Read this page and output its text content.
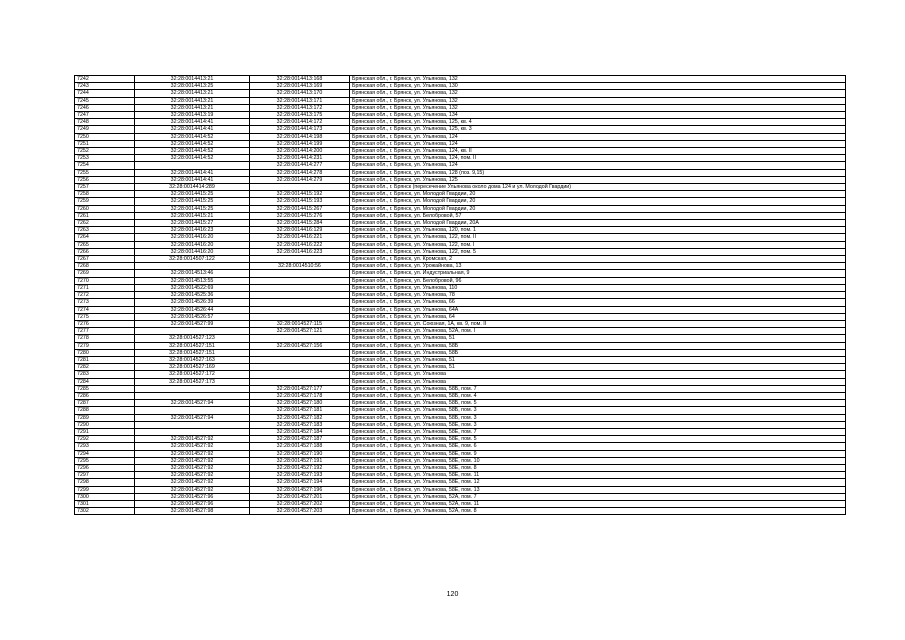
7242	32:28:0014413:21	32:28:0014413:168	Брянская обл., г. Брянск, ул. Ульянова, 132
7243	32:28:0014413:25	32:28:0014413:169	Брянская обл., г. Брянск, ул. Ульянова, 130
7244	32:28:0014413:21	32:28:0014413:170	Брянская обл., г. Брянск, ул. Ульянова, 132
7245	32:28:0014413:21	32:28:0014413:171	Брянская обл., г. Брянск, ул. Ульянова, 132
7246	32:28:0014413:21	32:28:0014413:172	Брянская обл., г. Брянск, ул. Ульянова, 132
7247	32:28:0014413:19	32:28:0014413:175	Брянская обл., г. Брянск, ул. Ульянова, 134
7248	32:28:0014414:41	32:28:0014414:172	Брянская обл., г. Брянск, ул. Ульянова, 125, кв. 4
7249	32:28:0014414:41	32:28:0014414:173	Брянская обл., г. Брянск, ул. Ульянова, 125, кв. 3
7250	32:28:0014414:52	32:28:0014414:198	Брянская обл., г. Брянск, ул. Ульянова, 124
7251	32:28:0014414:52	32:28:0014414:199	Брянская обл., г. Брянск, ул. Ульянова, 124
7252	32:28:0014414:52	32:28:0014414:200	Брянская обл., г. Брянск, ул. Ульянова, 124, кв. II
7253	32:28:0014414:52	32:28:0014414:231	Брянская обл., г. Брянск, ул. Ульянова, 124, пом. II
7254		32:28:0014414:277	Брянская обл., г. Брянск, ул. Ульянова, 124
7255	32:28:0014414:41	32:28:0014414:278	Брянская обл., г. Брянск, ул. Ульянова, 128 (поз. 9,15)
7256	32:28:0014414:41	32:28:0014414:279	Брянская обл., г. Брянск, ул. Ульянова, 125
7257	32:28:0014414:289		Брянская обл., г. Брянск (пересечение Ульянова около дома 124 и ул. Молодой Гвардии)
7258	32:28:0014415:25	32:28:0014415:192	Брянская обл., г. Брянск, ул. Молодой Гвардии, 20
7259	32:28:0014415:25	32:28:0014415:193	Брянская обл., г. Брянск, ул. Молодой Гвардии, 20
7260	32:28:0014415:25	32:28:0014415:267	Брянская обл., г. Брянск, ул. Молодой Гвардии, 20
7261	32:28:0014415:21	32:28:0014415:276	Брянская обл., г. Брянск, ул. Белобровой, 57
7262	32:28:0014415:27	32:28:0014415:284	Брянская обл., г. Брянск, ул. Молодой Гвардии, 20А
7263	32:28:0014416:23	32:28:0014416:129	Брянская обл., г. Брянск, ул. Ульянова, 120, пом. 1
7264	32:28:0014416:20	32:28:0014416:221	Брянская обл., г. Брянск, ул. Ульянова, 122, пом. II
7265	32:28:0014416:20	32:28:0014416:222	Брянская обл., г. Брянск, ул. Ульянова, 122, пом. I
7266	32:28:0014416:20	32:28:0014416:223	Брянская обл., г. Брянск, ул. Ульянова, 122, пом. 5
7267	32:28:0014507:122		Брянская обл., г. Брянск, ул. Кромская, 2
7268		32:28:0014510:56	Брянская обл., г. Брянск, ул. Урожайнова, 13
7269	32:28:0014513:46		Брянская обл., г. Брянск, ул. Индустриальная, 9
7270	32:28:0014513:55		Брянская обл., г. Брянск, ул. Белобровой, 96
7271	32:28:0014522:69		Брянская обл., г. Брянск, ул. Ульянова, 110
7272	32:28:0014525:36		Брянская обл., г. Брянск, ул. Ульянова, 78
7273	32:28:0014526:39		Брянская обл., г. Брянск, ул. Ульянова, 66
7274	32:28:0014526:44		Брянская обл., г. Брянск, ул. Ульянова, 64А
7275	32:28:0014526:57		Брянская обл., г. Брянск, ул. Ульянова, 64
7276	32:28:0014527:99	32:28:0014527:115	Брянская обл., г. Брянск, ул. Союзная, 1А, кв. 9, пом. II
7277		32:28:0014527:121	Брянская обл., г. Брянск, ул. Ульянова, 52А, пом. I
7278	32:28:0014527:123		Брянская обл., г. Брянск, ул. Ульянова, 51
7279	32:28:0014527:151	32:28:0014527:156	Брянская обл., г. Брянск, ул. Ульянова, 58Б
7280	32:28:0014527:151		Брянская обл., г. Брянск, ул. Ульянова, 58Б
7281	32:28:0014527:163		Брянская обл., г. Брянск, ул. Ульянова, 51
7282	32:28:0014527:169		Брянская обл., г. Брянск, ул. Ульянова, 51
7283	32:28:0014527:172		Брянская обл., г. Брянск, ул. Ульянова
7284	32:28:0014527:173		Брянская обл., г. Брянск, ул. Ульянова
7285		32:28:0014527:177	Брянская обл., г. Брянск, ул. Ульянова, 58Б, пом. 7
7286		32:28:0014527:178	Брянская обл., г. Брянск, ул. Ульянова, 58Б, пом. 4
7287	32:28:0014527:94	32:28:0014527:180	Брянская обл., г. Брянск, ул. Ульянова, 58Б, пом. 5
7288		32:28:0014527:181	Брянская обл., г. Брянск, ул. Ульянова, 58Б, пом. 3
7289	32:28:0014527:94	32:28:0014527:182	Брянская обл., г. Брянск, ул. Ульянова, 58Б, пом. 3
7290		32:28:0014527:183	Брянская обл., г. Брянск, ул. Ульянова, 58Е, пом. 3
7291		32:28:0014527:184	Брянская обл., г. Брянск, ул. Ульянова, 58Е, пом. 7
7292	32:28:0014527:92	32:28:0014527:187	Брянская обл., г. Брянск, ул. Ульянова, 58Е, пом. 5
7293	32:28:0014527:92	32:28:0014527:188	Брянская обл., г. Брянск, ул. Ульянова, 58Е, пом. 6
7294	32:28:0014527:92	32:28:0014527:190	Брянская обл., г. Брянск, ул. Ульянова, 58Е, пом. 9
7295	32:28:0014527:92	32:28:0014527:191	Брянская обл., г. Брянск, ул. Ульянова, 58Е, пом. 10
7296	32:28:0014527:92	32:28:0014527:192	Брянская обл., г. Брянск, ул. Ульянова, 58Е, пом. 8
7297	32:28:0014527:92	32:28:0014527:193	Брянская обл., г. Брянск, ул. Ульянова, 58Е, пом. 11
7298	32:28:0014527:92	32:28:0014527:194	Брянская обл., г. Брянск, ул. Ульянова, 58Е, пом. 12
7299	32:28:0014527:92	32:28:0014527:196	Брянская обл., г. Брянск, ул. Ульянова, 58Е, пом. 13
7300	32:28:0014527:96	32:28:0014527:201	Брянская обл., г. Брянск, ул. Ульянова, 52А, пом. 7
7301	32:28:0014527:96	32:28:0014527:202	Брянская обл., г. Брянск, ул. Ульянова, 52А, пом. 11
7302	32:28:0014527:98	32:28:0014527:203	Брянская обл., г. Брянск, ул. Ульянова, 52А, пом. 8
120
